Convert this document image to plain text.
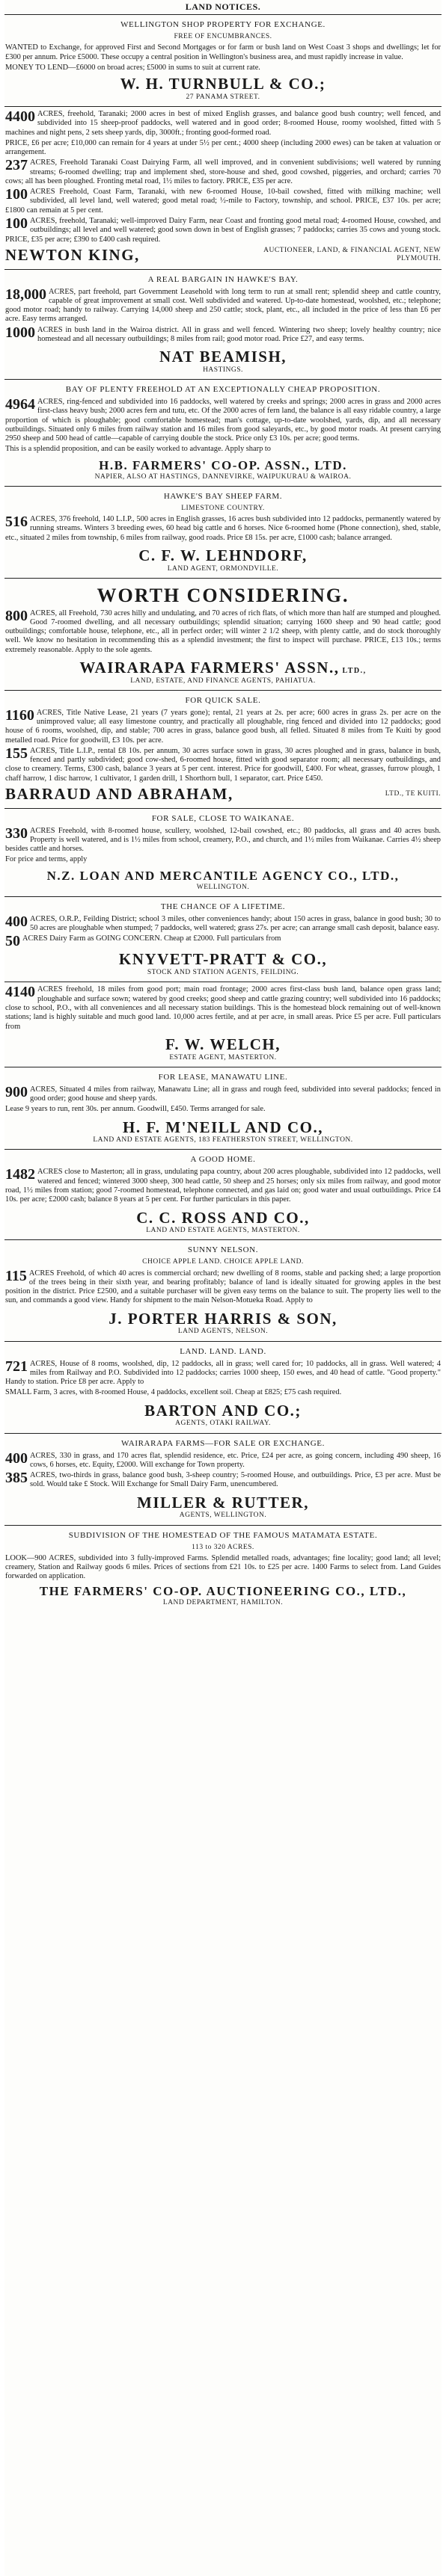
LAND NOTICES.
WELLINGTON SHOP PROPERTY FOR EXCHANGE.
FREE OF ENCUMBRANCES.

WANTED to Exchange, for approved First and Second Mortgages or for farm or bush land on West Coast 3 shops and dwellings; let for £300 per annum. Price £5000. These occupy a central position in Wellington's business area, and must rapidly increase in value.

MONEY TO LEND—£6000 on broad acres; £5000 in sums to suit at current rate.

W. H. TURNBULL & CO.;
27 PANAMA STREET.

4400 ACRES, freehold, Taranaki; 2000 acres in best of mixed English grasses, and balance good bush country; well fenced, and subdivided into 15 sheep-proof paddocks, well watered and in good order; 8-roomed House, roomy woolshed, fitted with 5 machines and night pens, 2 sets sheep yards, dip, 3000ft.; fronting good-formed road.

PRICE, £6 per acre; £10,000 can remain for 4 years at under 5½ per cent.; 4000 sheep (including 2000 ewes) can be taken at valuation or arrangement.

237 ACRES, Freehold Taranaki Coast Dairying Farm, all well improved, and in convenient subdivisions; well watered by running streams; 6-roomed dwelling; trap and implement shed, store-house and shed, good cowshed, piggeries, and orchard; carries 70 cows; all has been ploughed. Fronting metal road, 1½ miles to factory. PRICE, £35 per acre.

100 ACRES Freehold, Coast Farm, Taranaki, with new 6-roomed House, 10-bail cowshed, fitted with milking machine; well subdivided, all level land, well watered; good metal road; ½-mile to Factory, township, and school. PRICE, £37 10s. per acre; £1800 can remain at 5 per cent.

100 ACRES, freehold, Taranaki; well-improved Dairy Farm, near Coast and fronting good metal road; 4-roomed House, cowshed, and outbuildings; all level and well watered; good sown down in best of English grasses; 7 paddocks; carries 35 cows and young stock. PRICE, £35 per acre; £390 to £400 cash required.

NEWTON KING,	AUCTIONEER, LAND, & FINANCIAL AGENT, NEW PLYMOUTH.
A REAL BARGAIN IN HAWKE'S BAY.

18,000 ACRES, part freehold, part Government Leasehold with long term to run at small rent; splendid sheep and cattle country, capable of great improvement at small cost. Well subdivided and watered. Up-to-date homestead, woolshed, etc.; telephone; good motor road; handy to railway. Carrying 14,000 sheep and 250 cattle; stock, plant, etc., all included in the price of less than £6 per acre. Easy terms arranged.

1000 ACRES in bush land in the Wairoa district. All in grass and well fenced. Wintering two sheep; lovely healthy country; nice homestead and all necessary outbuildings; 8 miles from rail; good motor road. Price £27, and easy terms.

NAT BEAMISH,
HASTINGS.
BAY OF PLENTY FREEHOLD AT AN EXCEPTIONALLY CHEAP PROPOSITION.

4964 ACRES, ring-fenced and subdivided into 16 paddocks, well watered by creeks and springs; 2000 acres in grass and 2000 acres first-class heavy bush; 2000 acres fern and tutu, etc. Of the 2000 acres of fern land, the balance is all easy ridable country, a large proportion of which is ploughable; good comfortable homestead; man's cottage, up-to-date woolshed, yards, dip, and all necessary outbuildings. Situated only 6 miles from railway station and 16 miles from good saleyards, etc., by good motor roads. At present carrying 2950 sheep and 500 head of cattle—capable of carrying double the stock. Price only £3 10s. per acre; good terms.

This is a splendid proposition, and can be easily worked to advantage. Apply sharp to

H.B. FARMERS' CO-OP. ASSN., LTD.
NAPIER, ALSO AT HASTINGS, DANNEVIRKE, WAIPUKURAU & WAIROA.
HAWKE'S BAY SHEEP FARM.
LIMESTONE COUNTRY.

516 ACRES, 376 freehold, 140 L.I.P., 500 acres in English grasses, 16 acres bush subdivided into 12 paddocks, permanently watered by running streams. Winters 3 breeding ewes, 60 head big cattle and 6 horses. Nice 6-roomed home (Phone connection), shed, stable, etc., situated 2 miles from township, 6 miles from railway, good roads. Price £8 15s. per acre, £1000 cash; balance arranged.

C. F. W. LEHNDORF,
LAND AGENT, ORMONDVILLE.
WORTH CONSIDERING.

800 ACRES, all Freehold, 730 acres hilly and undulating, and 70 acres of rich flats, of which more than half are stumped and ploughed. Good 7-roomed dwelling, and all necessary outbuildings; splendid situation; carrying 1600 sheep and 90 head cattle; good outbuildings; comfortable house, telephone, etc., all in perfect order; will winter 2 1/2 sheep, with plenty cattle, and do stock thoroughly well. We know no hesitation in recommending this as a splendid investment; the first to inspect will purchase. PRICE, £13 10s.; terms extremely reasonable. Apply to the sole agents.

WAIRARAPA FARMERS' ASSN., LTD.,
LAND, ESTATE, AND FINANCE AGENTS, PAHIATUA.
FOR QUICK SALE.

1160 ACRES, Title Native Lease, 21 years (7 years gone); rental, 21 years at 2s. per acre; 600 acres in grass 2s. per acre on the unimproved value; all easy limestone country, and practically all ploughable, ring fenced and divided into 12 paddocks; good house of 6 rooms, woolshed, dip, and stable; 700 acres in grass, balance good bush, all felled. Situated 8 miles from Te Kuiti by good metalled road. Price for goodwill, £3 10s. per acre.

155 ACRES, Title L.I.P., rental £8 10s. per annum, 30 acres surface sown in grass, 30 acres ploughed and in grass, balance in bush, fenced and partly subdivided; good cow-shed, 6-roomed house, fitted with good separator room; all necessary outbuildings, and close to creamery. Terms, £300 cash, balance 3 years at 5 per cent. interest. Price for goodwill, £400. For wheat, grasses, furrow plough, 1 chaff harrow, 1 disc harrow, 1 cultivator, 1 garden drill, 1 Shorthorn bull, 1 separator, cart. Price £450.

BARRAUD AND ABRAHAM,	LTD., TE KUITI.
FOR SALE, CLOSE TO WAIKANAE.

330 ACRES Freehold, with 8-roomed house, scullery, woolshed, 12-bail cowshed, etc.; 80 paddocks, all grass and 40 acres bush. Property is well watered, and is 1½ miles from school, creamery, P.O., and church, and 1½ miles from Waikanae. Carries 4½ sheep besides cattle and horses.

For price and terms, apply

N.Z. LOAN AND MERCANTILE AGENCY CO., LTD.,
WELLINGTON.
THE CHANCE OF A LIFETIME.

400 ACRES, O.R.P., Feilding District; school 3 miles, other conveniences handy; about 150 acres in grass, balance in good bush; 30 to 50 acres are ploughable when stumped; 7 paddocks, well watered; grass 27s. per acre; can arrange small cash deposit, balance easy.

50 ACRES Dairy Farm as GOING CONCERN. Cheap at £2000. Full particulars from

KNYVETT-PRATT & CO.,
STOCK AND STATION AGENTS, FEILDING.

4140 ACRES freehold, 18 miles from good port; main road frontage; 2000 acres first-class bush land, balance open grass land; ploughable and surface sown; watered by good creeks; good sheep and cattle grazing country; well subdivided into 16 paddocks; close to school, P.O., with all conveniences and all necessary station buildings. This is the homestead block remaining out of well-known stations; land is highly suitable and much good land. 10,000 acres fertile, and at per acre, in small areas. Price £5 per acre. Full particulars from

F. W. WELCH,
ESTATE AGENT, MASTERTON.
FOR LEASE, MANAWATU LINE.

900 ACRES, Situated 4 miles from railway, Manawatu Line; all in grass and rough feed, subdivided into several paddocks; fenced in good order; good house and sheep yards.

Lease 9 years to run, rent 30s. per annum. Goodwill, £450. Terms arranged for sale.

H. F. M'NEILL AND CO.,
LAND AND ESTATE AGENTS, 183 FEATHERSTON STREET, WELLINGTON.
A GOOD HOME.

1482 ACRES close to Masterton; all in grass, undulating papa country, about 200 acres ploughable, subdivided into 12 paddocks, well watered and fenced; wintered 3000 sheep, 300 head cattle, 50 sheep and 25 horses; only six miles from railway, and good motor road, 1½ miles from station; good 7-roomed homestead, telephone connected, and gas laid on; good water and usual outbuildings. Price £4 10s. per acre; £2000 cash; balance 8 years at 5 per cent. For further particulars in this paper.

C. C. ROSS AND CO.,
LAND AND ESTATE AGENTS, MASTERTON.
SUNNY NELSON.
CHOICE APPLE LAND. CHOICE APPLE LAND.

115 ACRES Freehold, of which 40 acres is commercial orchard; new dwelling of 8 rooms, stable and packing shed; a large proportion of the trees being in their sixth year, and bearing profitably; balance of land is ideally situated for growing apples in the best position in the district. Price £2500, and a suitable purchaser will be given easy terms on the balance to suit. The property lies well to the sun, and commands a good view. Handy for shipment to the main Nelson-Motueka Road. Apply to

J. PORTER HARRIS & SON,
LAND AGENTS, NELSON.
LAND. LAND. LAND.

721 ACRES, House of 8 rooms, woolshed, dip, 12 paddocks, all in grass; well cared for; 10 paddocks, all in grass. Well watered; 4 miles from Railway and P.O. Subdivided into 12 paddocks; carries 1000 sheep, 150 ewes, and 40 head of cattle. "Good property." Handy to station. Price £8 per acre. Apply to

SMALL Farm, 3 acres, with 8-roomed House, 4 paddocks, excellent soil. Cheap at £825; £75 cash required.

BARTON AND CO.;
AGENTS, OTAKI RAILWAY.
WAIRARAPA FARMS—FOR SALE OR EXCHANGE.

400 ACRES, 330 in grass, and 170 acres flat, splendid residence, etc. Price, £24 per acre, as going concern, including 490 sheep, 16 cows, 6 horses, etc. Equity, £2000. Will exchange for Town property.

385 ACRES, two-thirds in grass, balance good bush, 3-sheep country; 5-roomed House, and outbuildings. Price, £3 per acre. Must be sold. Would take £ Stock. Will Exchange for Small Dairy Farm, unencumbered.

MILLER & RUTTER,
AGENTS, WELLINGTON.
SUBDIVISION OF THE HOMESTEAD OF THE FAMOUS MATAMATA ESTATE.
113 to 320 ACRES.

LOOK—900 ACRES, subdivided into 3 fully-improved Farms. Splendid metalled roads, advantages; fine locality; good land; all level; creamery, Station and Railway goods 6 miles. Prices of sections from £21 10s. to £25 per acre. 1400 Farms to select from. Land Guides forwarded on application.

THE FARMERS' CO-OP. AUCTIONEERING CO., LTD.,
LAND DEPARTMENT, HAMILTON.
